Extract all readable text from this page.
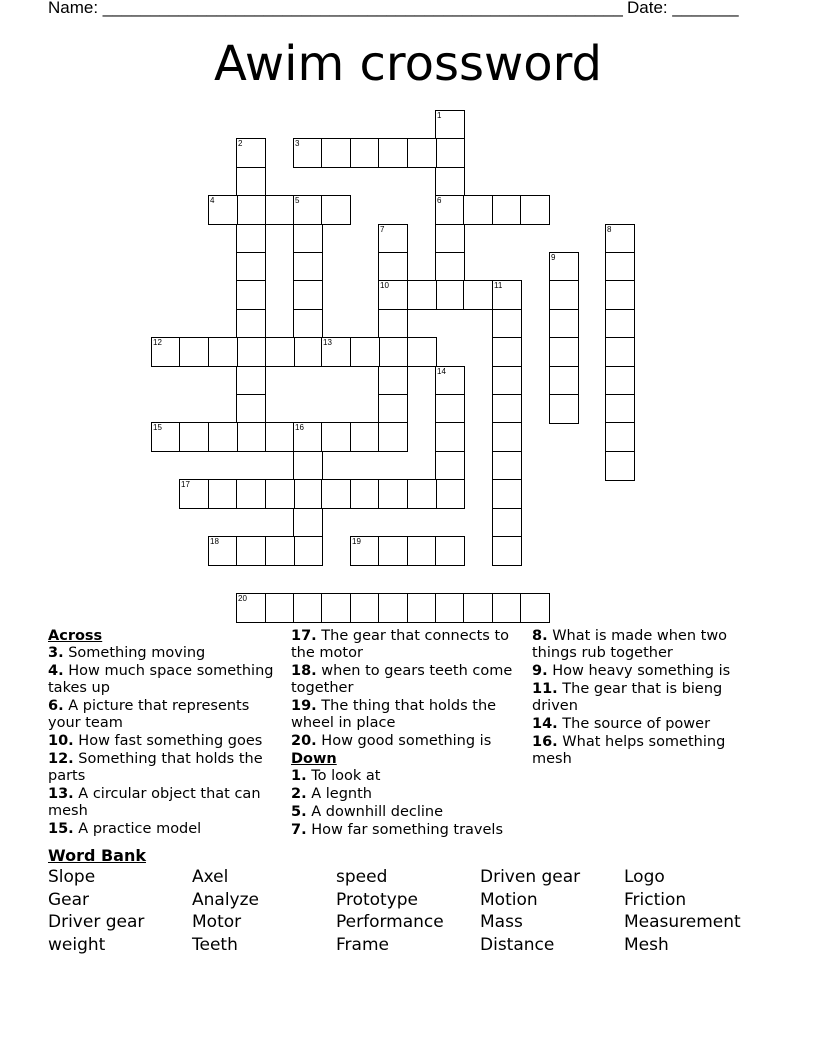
Name: _______________________________________________________ Date: _______
Awim crossword
1
6
2	3
4	5
7
10
8
9
11
12	13
14
15	16
17
18	19
20
Across
3. Something moving
4. How much space something takes up
6. A picture that represents your team
10. How fast something goes
12. Something that holds the parts
13. A circular object that can mesh
15. A practice model
17. The gear that connects to the motor
18. when to gears teeth come together
19. The thing that holds the wheel in place
20. How good something is
Down
1. To look at
2. A legnth
5. A downhill decline
7. How far something travels
8. What is made when two things rub together
9. How heavy something is
11. The gear that is bieng driven
14. The source of power
16. What helps something mesh
Word Bank
Slope	Axel	speed	Driven gear	Logo
Gear	Analyze	Prototype	Motion	Friction
Driver gear	Motor	Performance	Mass	Measurement
weight	Teeth	Frame	Distance	Mesh
